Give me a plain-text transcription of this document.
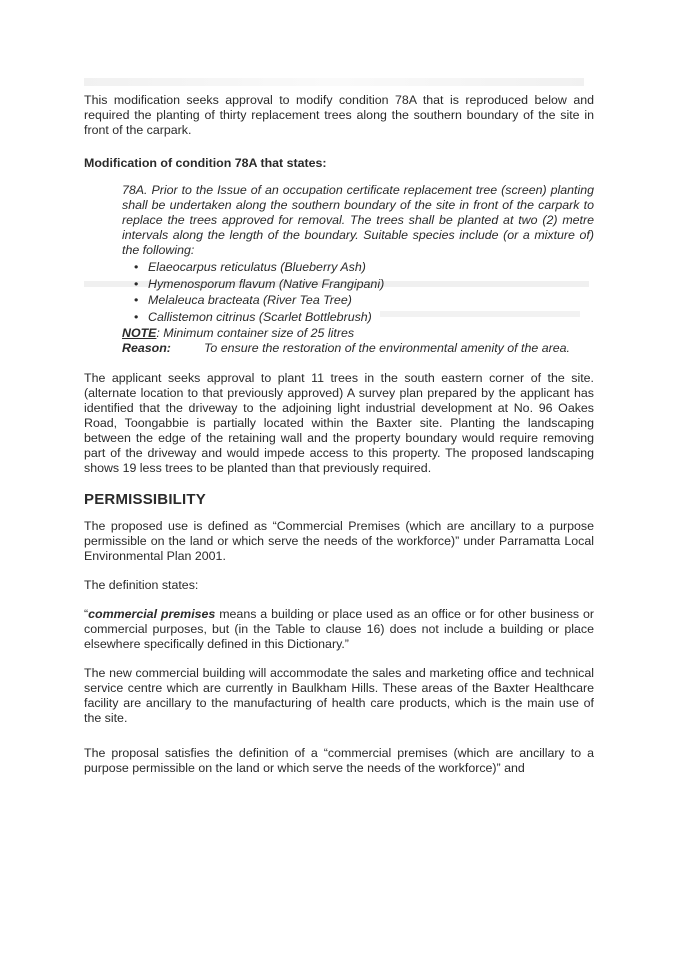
This modification seeks approval to modify condition 78A that is reproduced below and required the planting of thirty replacement trees along the southern boundary of the site in front of the carpark.

Modification of condition 78A that states:
78A. Prior to the Issue of an occupation certificate replacement tree (screen) planting shall be undertaken along the southern boundary of the site in front of the carpark to replace the trees approved for removal. The trees shall be planted at two (2) metre intervals along the length of the boundary. Suitable species include (or a mixture of) the following:
• Elaeocarpus reticulatus (Blueberry Ash)
• Hymenosporum flavum (Native Frangipani)
• Melaleuca bracteata (River Tea Tree)
• Callistemon citrinus (Scarlet Bottlebrush)
NOTE: Minimum container size of 25 litres
Reason:	To ensure the restoration of the environmental amenity of the area.

The applicant seeks approval to plant 11 trees in the south eastern corner of the site. (alternate location to that previously approved) A survey plan prepared by the applicant has identified that the driveway to the adjoining light industrial development at No. 96 Oakes Road, Toongabbie is partially located within the Baxter site. Planting the landscaping between the edge of the retaining wall and the property boundary would require removing part of the driveway and would impede access to this property. The proposed landscaping shows 19 less trees to be planted than that previously required.

PERMISSIBILITY

The proposed use is defined as “Commercial Premises (which are ancillary to a purpose permissible on the land or which serve the needs of the workforce)” under Parramatta Local Environmental Plan 2001.

The definition states:

“commercial premises means a building or place used as an office or for other business or commercial purposes, but (in the Table to clause 16) does not include a building or place elsewhere specifically defined in this Dictionary.”

The new commercial building will accommodate the sales and marketing office and technical service centre which are currently in Baulkham Hills. These areas of the Baxter Healthcare facility are ancillary to the manufacturing of health care products, which is the main use of the site.

The proposal satisfies the definition of a “commercial premises (which are ancillary to a purpose permissible on the land or which serve the needs of the workforce)” and
